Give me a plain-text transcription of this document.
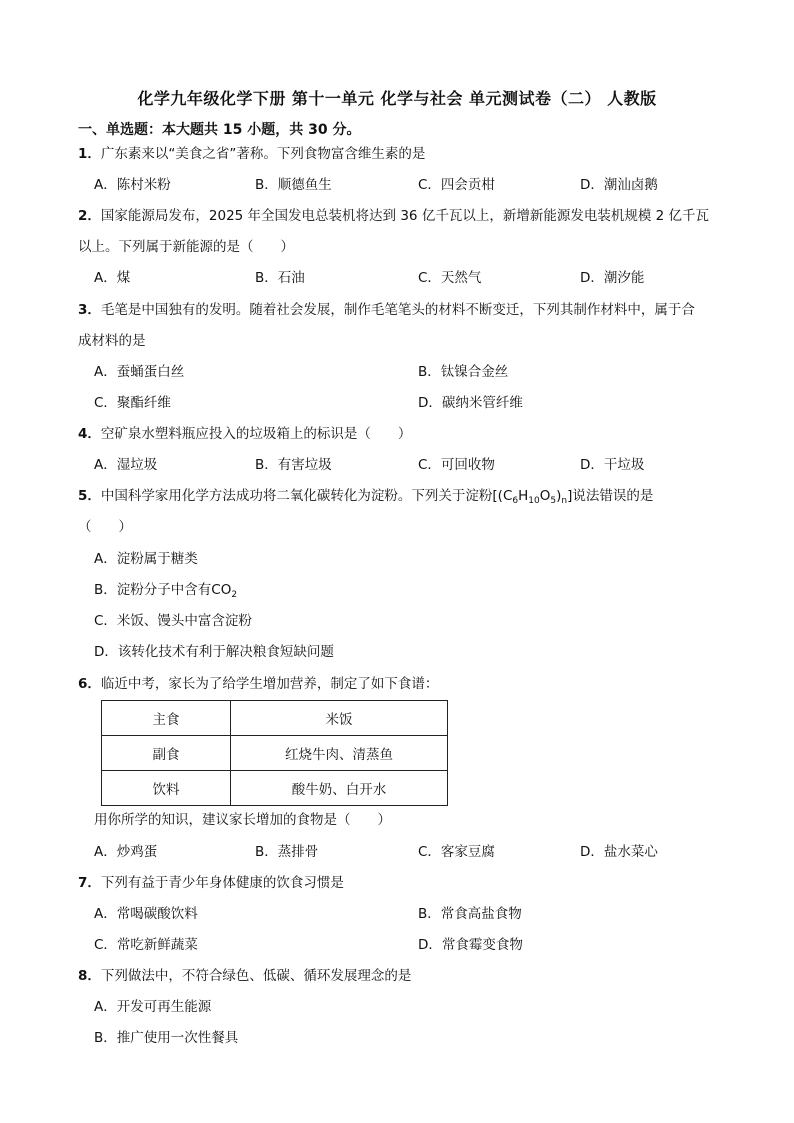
化学九年级化学下册 第十一单元 化学与社会 单元测试卷（二） 人教版
一、单选题：本大题共 15 小题，共 30 分。
1．广东素来以“美食之省”著称。下列食物富含维生素的是
A．陈村米粉	B．顺德鱼生	C．四会贡柑	D．潮汕卤鹅
2．国家能源局发布，2025 年全国发电总装机将达到 36 亿千瓦以上，新增新能源发电装机规模 2 亿千瓦
以上。下列属于新能源的是（　　）
A．煤	B．石油	C．天然气	D．潮汐能
3．毛笔是中国独有的发明。随着社会发展，制作毛笔笔头的材料不断变迁，下列其制作材料中，属于合
成材料的是
A．蚕蛹蛋白丝	B．钛镍合金丝
C．聚酯纤维	D．碳纳米管纤维
4．空矿泉水塑料瓶应投入的垃圾箱上的标识是（　　）
A．湿垃圾	B．有害垃圾	C．可回收物	D．干垃圾
5．中国科学家用化学方法成功将二氧化碳转化为淀粉。下列关于淀粉$[(C_6H_{10}O_5)_n]$说法错误的是
（　　）
A．淀粉属于糖类
B．淀粉分子中含有$CO_2$
C．米饭、馒头中富含淀粉
D．该转化技术有利于解决粮食短缺问题
6．临近中考，家长为了给学生增加营养，制定了如下食谱：
主食	米饭
副食	红烧牛肉、清蒸鱼
饮料	酸牛奶、白开水
用你所学的知识，建议家长增加的食物是（　　）
A．炒鸡蛋	B．蒸排骨	C．客家豆腐	D．盐水菜心
7．下列有益于青少年身体健康的饮食习惯是
A．常喝碳酸饮料	B．常食高盐食物
C．常吃新鲜蔬菜	D．常食霉变食物
8．下列做法中，不符合绿色、低碳、循环发展理念的是
A．开发可再生能源
B．推广使用一次性餐具
